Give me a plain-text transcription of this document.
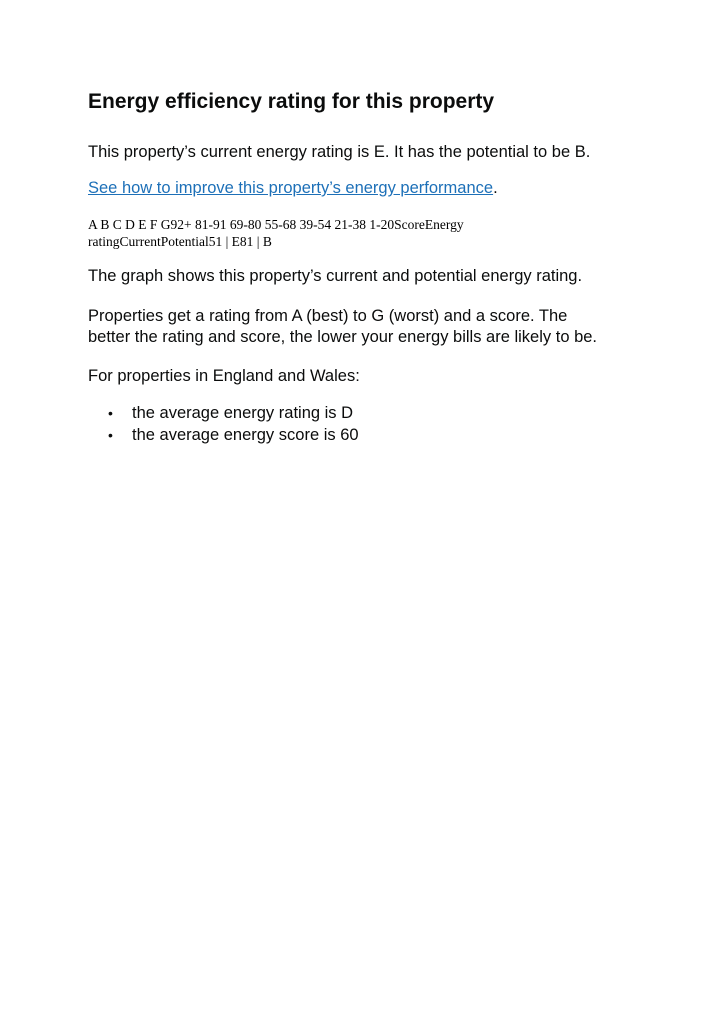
Energy efficiency rating for this property

This property’s current energy rating is E. It has the potential to be B.

See how to improve this property’s energy performance.

A B C D E F G92+ 81-91 69-80 55-68 39-54 21-38 1-20ScoreEnergy
ratingCurrentPotential51 | E81 | B

The graph shows this property’s current and potential energy rating.

Properties get a rating from A (best) to G (worst) and a score. The

better the rating and score, the lower your energy bills are likely to be.

For properties in England and Wales:

• the average energy rating is D
• the average energy score is 60
